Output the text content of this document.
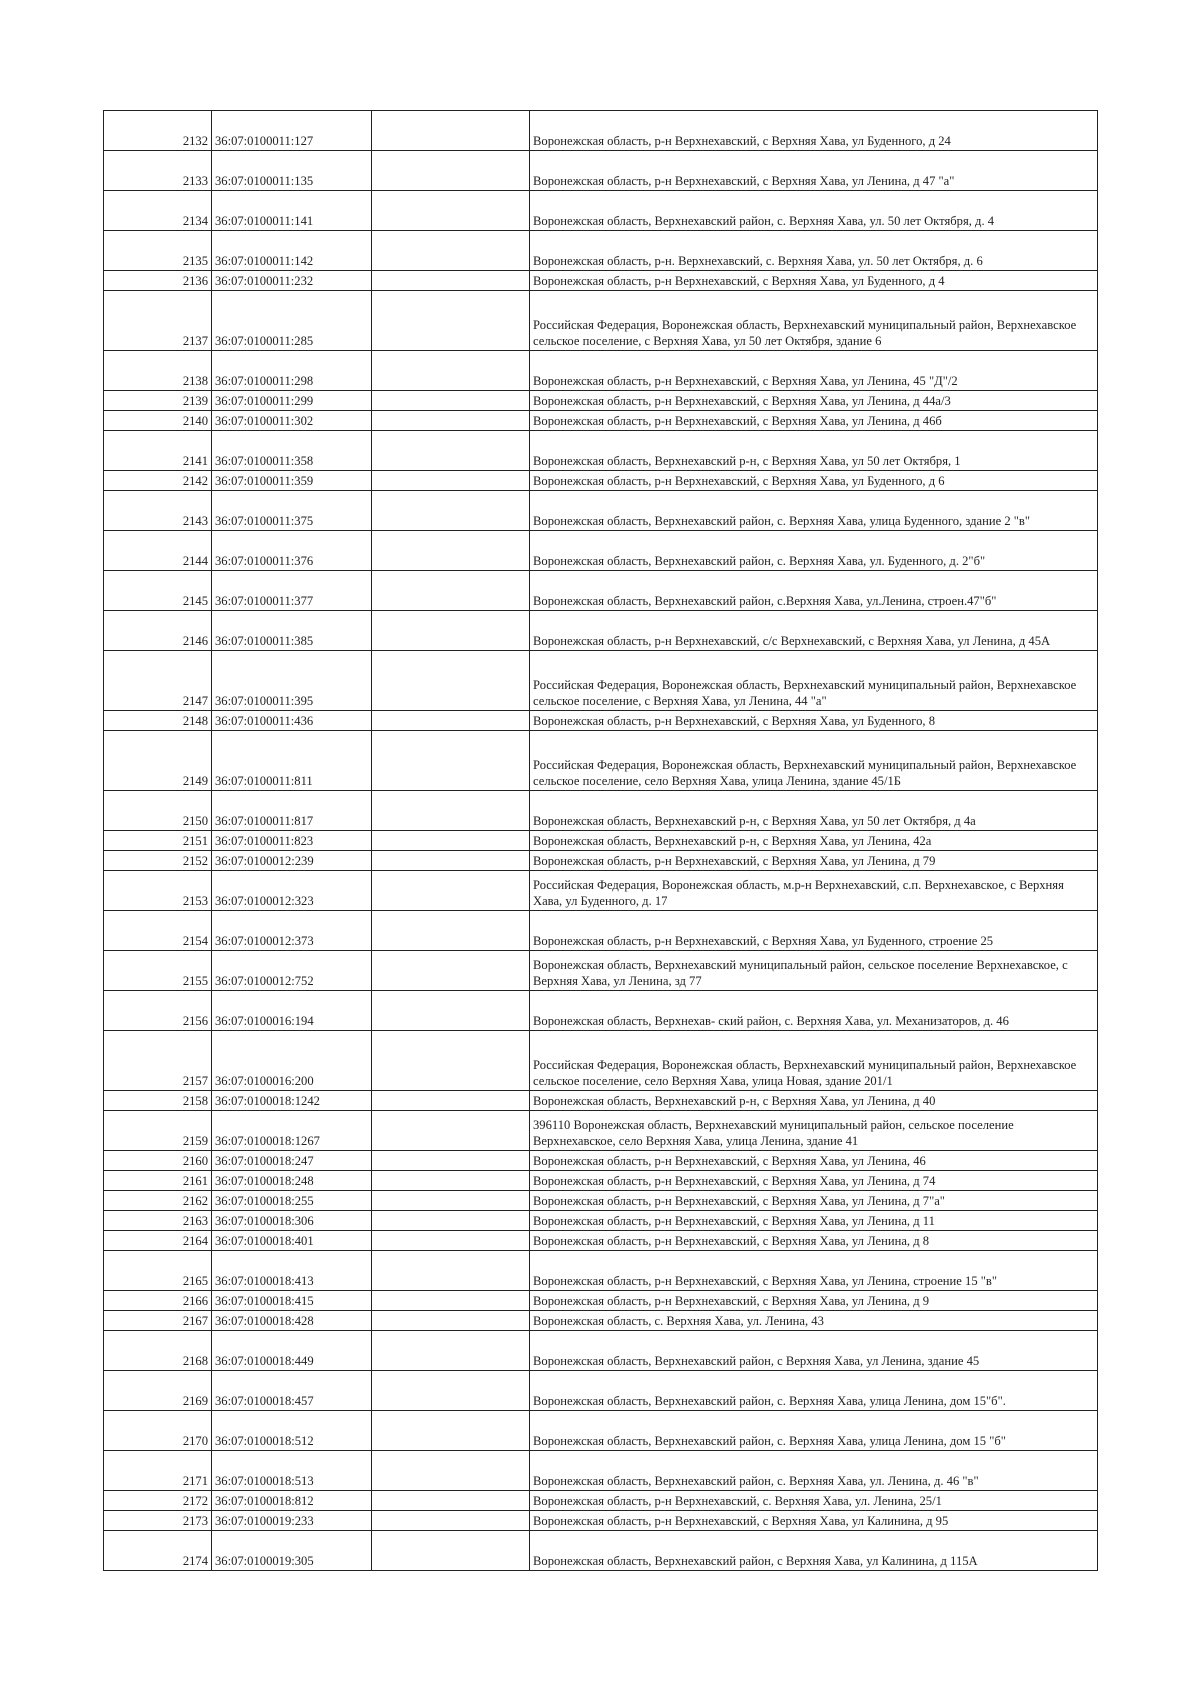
2132	36:07:0100011:127		Воронежская область, р-н Верхнехавский, с Верхняя Хава, ул Буденного, д 24
2133	36:07:0100011:135		Воронежская область, р-н Верхнехавский, с Верхняя Хава, ул Ленина, д 47 "а"
2134	36:07:0100011:141		Воронежская область, Верхнехавский район, с. Верхняя Хава, ул. 50 лет Октября, д. 4
2135	36:07:0100011:142		Воронежская область, р-н. Верхнехавский, с. Верхняя Хава, ул. 50 лет Октября, д. 6
2136	36:07:0100011:232		Воронежская область, р-н Верхнехавский, с Верхняя Хава, ул Буденного, д 4
2137	36:07:0100011:285		Российская Федерация, Воронежская область, Верхнехавский муниципальный район, Верхнехавское сельское поселение, с Верхняя Хава, ул 50 лет Октября, здание 6
2138	36:07:0100011:298		Воронежская область, р-н Верхнехавский, с Верхняя Хава, ул Ленина, 45 "Д"/2
2139	36:07:0100011:299		Воронежская область, р-н Верхнехавский, с Верхняя Хава, ул Ленина, д 44а/3
2140	36:07:0100011:302		Воронежская область, р-н Верхнехавский, с Верхняя Хава, ул Ленина, д 46б
2141	36:07:0100011:358		Воронежская область, Верхнехавский р-н, с Верхняя Хава, ул 50 лет Октября, 1
2142	36:07:0100011:359		Воронежская область, р-н Верхнехавский, с Верхняя Хава, ул Буденного, д 6
2143	36:07:0100011:375		Воронежская область, Верхнехавский район, с. Верхняя Хава, улица Буденного, здание 2 "в"
2144	36:07:0100011:376		Воронежская область, Верхнехавский район, с. Верхняя Хава, ул. Буденного, д. 2"б"
2145	36:07:0100011:377		Воронежская область, Верхнехавский район, с.Верхняя Хава, ул.Ленина, строен.47"б"
2146	36:07:0100011:385		Воронежская область, р-н Верхнехавский, с/с Верхнехавский, с Верхняя Хава, ул Ленина, д 45А
2147	36:07:0100011:395		Российская Федерация, Воронежская область, Верхнехавский муниципальный район, Верхнехавское сельское поселение, с Верхняя Хава, ул Ленина, 44 "а"
2148	36:07:0100011:436		Воронежская область, р-н Верхнехавский, с Верхняя Хава, ул Буденного, 8
2149	36:07:0100011:811		Российская Федерация, Воронежская область, Верхнехавский муниципальный район, Верхнехавское сельское поселение, село Верхняя Хава, улица Ленина, здание 45/1Б
2150	36:07:0100011:817		Воронежская область, Верхнехавский р-н, с Верхняя Хава, ул 50 лет Октября, д 4а
2151	36:07:0100011:823		Воронежская область, Верхнехавский р-н, с Верхняя Хава, ул Ленина, 42а
2152	36:07:0100012:239		Воронежская область, р-н Верхнехавский, с Верхняя Хава, ул Ленина, д 79
2153	36:07:0100012:323		Российская Федерация, Воронежская область, м.р-н Верхнехавский, с.п. Верхнехавское, с Верхняя Хава, ул Буденного, д. 17
2154	36:07:0100012:373		Воронежская область, р-н Верхнехавский, с Верхняя Хава, ул Буденного, строение 25
2155	36:07:0100012:752		Воронежская область, Верхнехавский муниципальный район, сельское поселение Верхнехавское, с Верхняя Хава, ул Ленина, зд 77
2156	36:07:0100016:194		Воронежская область, Верхнехав- ский район, с. Верхняя Хава, ул. Механизаторов, д. 46
2157	36:07:0100016:200		Российская Федерация, Воронежская область, Верхнехавский муниципальный район, Верхнехавское сельское поселение, село Верхняя Хава, улица Новая, здание 201/1
2158	36:07:0100018:1242		Воронежская область, Верхнехавский р-н, с Верхняя Хава, ул Ленина, д 40
2159	36:07:0100018:1267		396110 Воронежская область, Верхнехавский муниципальный район, сельское поселение Верхнехавское, село Верхняя Хава, улица Ленина, здание 41
2160	36:07:0100018:247		Воронежская область, р-н Верхнехавский, с Верхняя Хава, ул Ленина, 46
2161	36:07:0100018:248		Воронежская область, р-н Верхнехавский, с Верхняя Хава, ул Ленина, д 74
2162	36:07:0100018:255		Воронежская область, р-н Верхнехавский, с Верхняя Хава, ул Ленина, д 7"а"
2163	36:07:0100018:306		Воронежская область, р-н Верхнехавский, с Верхняя Хава, ул Ленина, д 11
2164	36:07:0100018:401		Воронежская область, р-н Верхнехавский, с Верхняя Хава, ул Ленина, д 8
2165	36:07:0100018:413		Воронежская область, р-н Верхнехавский, с Верхняя Хава, ул Ленина, строение 15 "в"
2166	36:07:0100018:415		Воронежская область, р-н Верхнехавский, с Верхняя Хава, ул Ленина, д 9
2167	36:07:0100018:428		Воронежская область, с. Верхняя Хава, ул. Ленина, 43
2168	36:07:0100018:449		Воронежская область, Верхнехавский район, с Верхняя Хава, ул Ленина, здание 45
2169	36:07:0100018:457		Воронежская область, Верхнехавский район, с. Верхняя Хава, улица Ленина, дом 15"б".
2170	36:07:0100018:512		Воронежская область, Верхнехавский район, с. Верхняя Хава, улица Ленина, дом 15 "б"
2171	36:07:0100018:513		Воронежская область, Верхнехавский район, с. Верхняя Хава, ул. Ленина, д. 46 "в"
2172	36:07:0100018:812		Воронежская область, р-н Верхнехавский, с. Верхняя Хава, ул. Ленина, 25/1
2173	36:07:0100019:233		Воронежская область, р-н Верхнехавский, с Верхняя Хава, ул Калинина, д 95
2174	36:07:0100019:305		Воронежская область, Верхнехавский район, с Верхняя Хава, ул Калинина, д 115А
